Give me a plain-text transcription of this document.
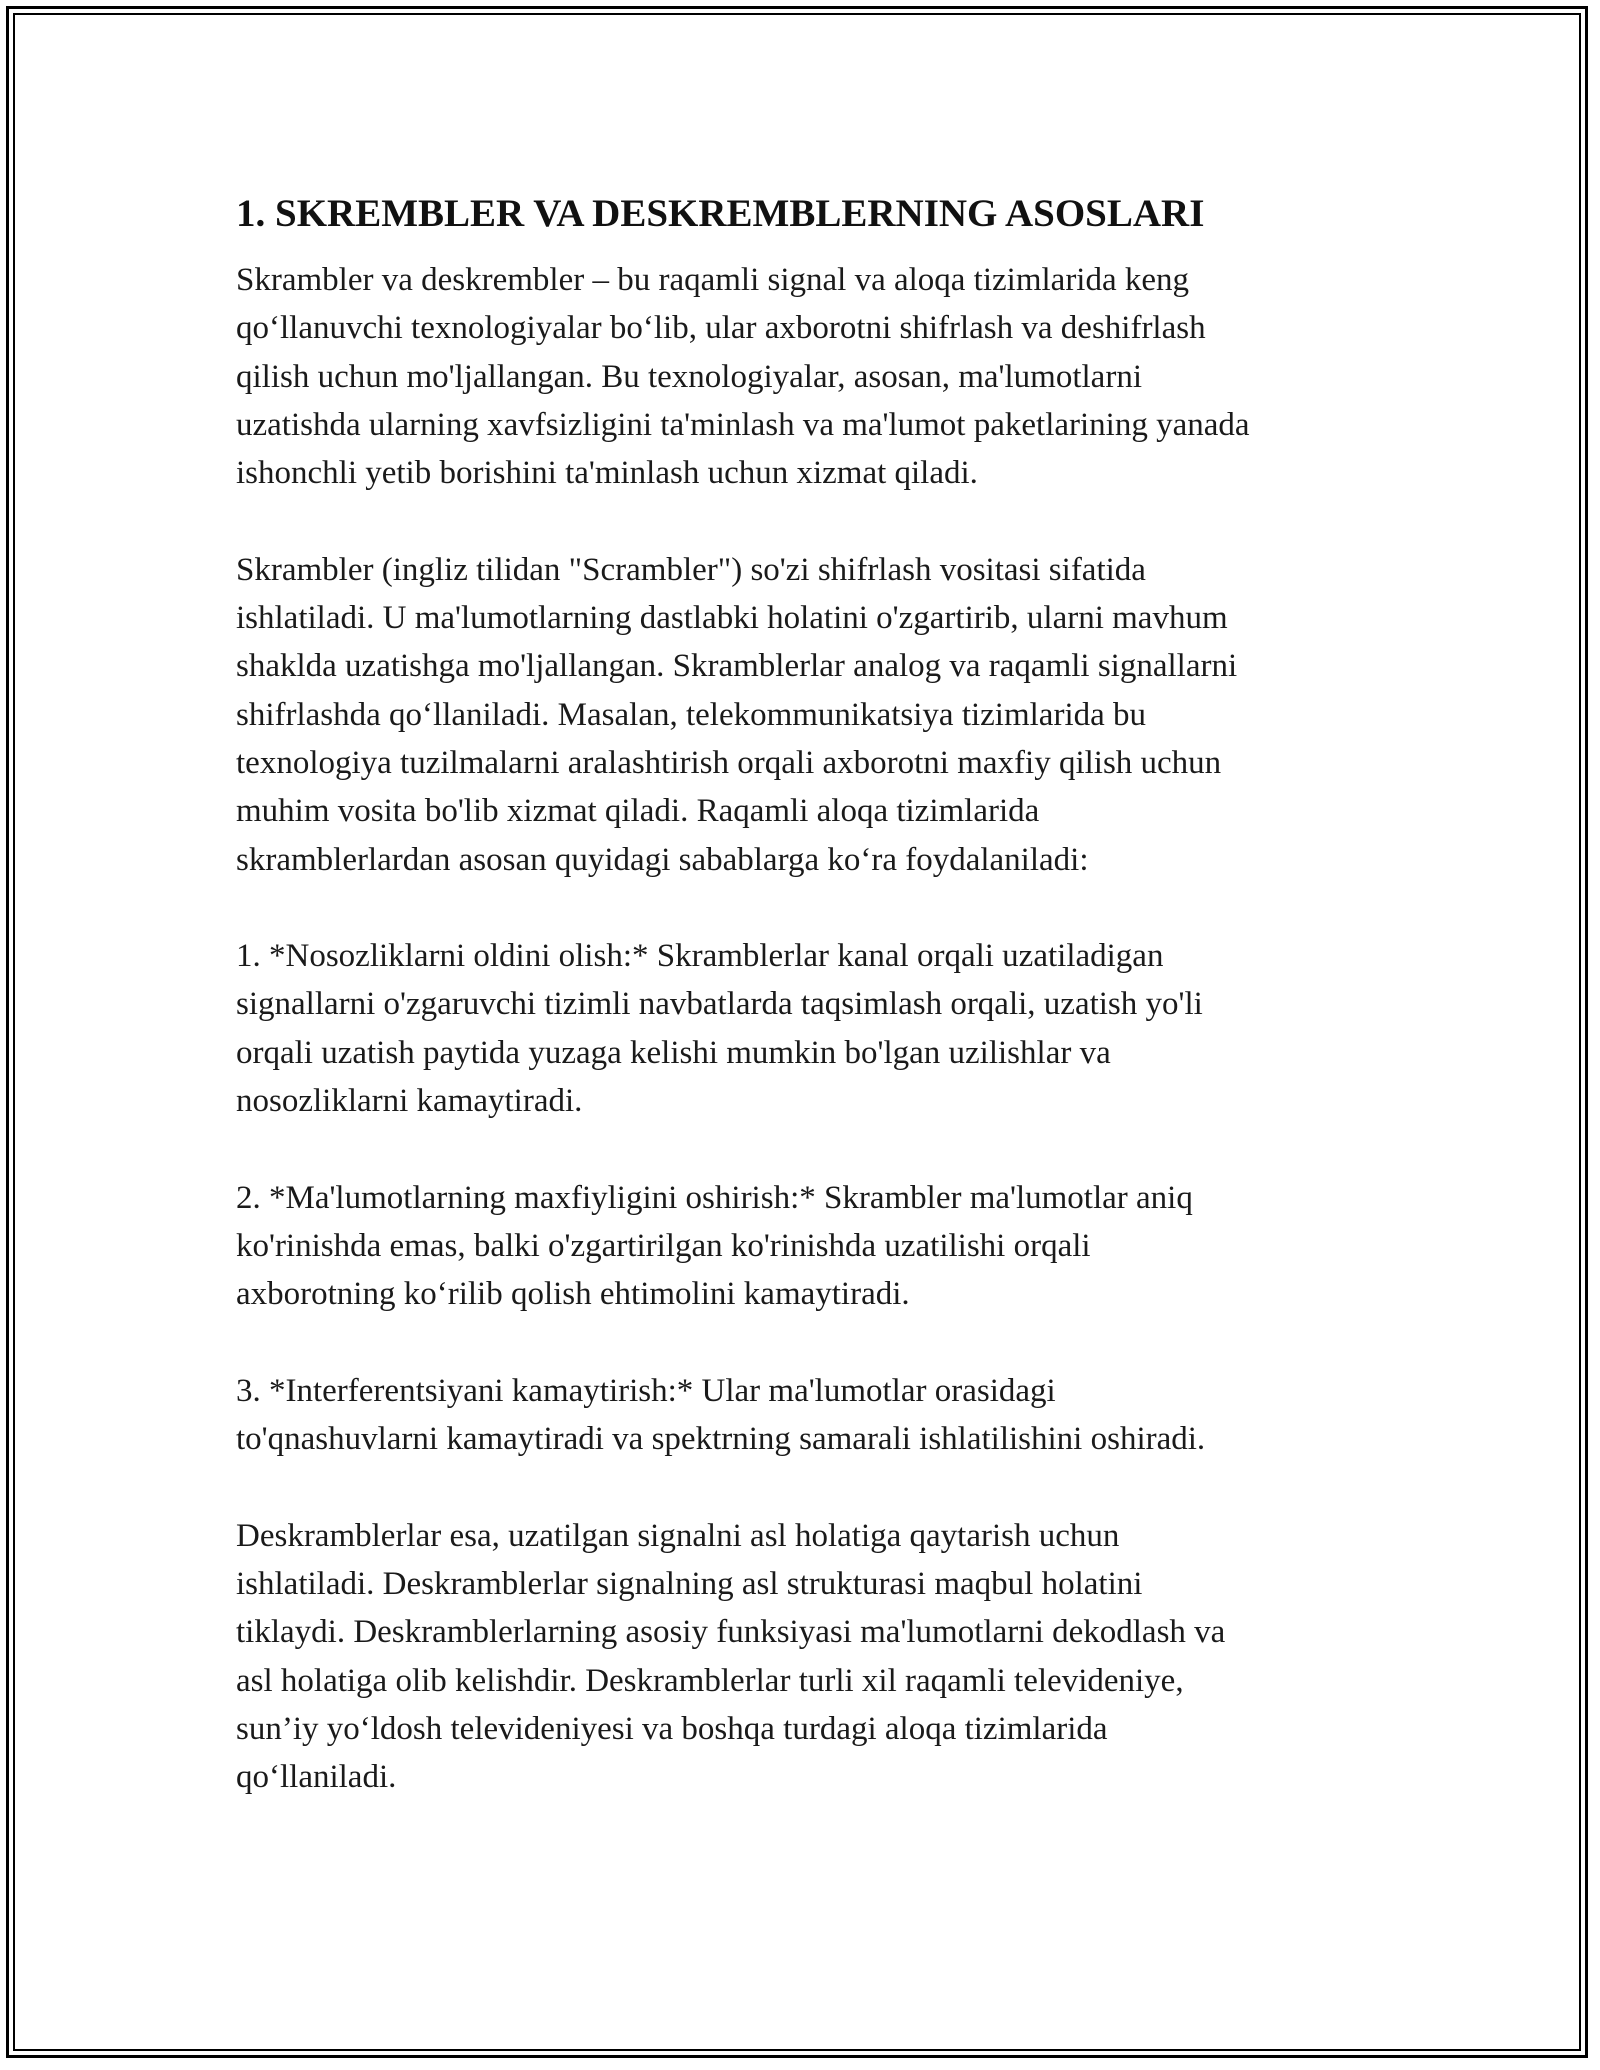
1. SKREMBLER VA DESKREMBLERNING ASOSLARI
Skrambler va deskrembler – bu raqamli signal va aloqa tizimlarida keng
qo‘llanuvchi texnologiyalar bo‘lib, ular axborotni shifrlash va deshifrlash
qilish uchun mo'ljallangan. Bu texnologiyalar, asosan, ma'lumotlarni
uzatishda ularning xavfsizligini ta'minlash va ma'lumot paketlarining yanada
ishonchli yetib borishini ta'minlash uchun xizmat qiladi.
Skrambler (ingliz tilidan "Scrambler") so'zi shifrlash vositasi sifatida
ishlatiladi. U ma'lumotlarning dastlabki holatini o'zgartirib, ularni mavhum
shaklda uzatishga mo'ljallangan. Skramblerlar analog va raqamli signallarni
shifrlashda qo‘llaniladi. Masalan, telekommunikatsiya tizimlarida bu
texnologiya tuzilmalarni aralashtirish orqali axborotni maxfiy qilish uchun
muhim vosita bo'lib xizmat qiladi. Raqamli aloqa tizimlarida
skramblerlardan asosan quyidagi sabablarga ko‘ra foydalaniladi:
1. *Nosozliklarni oldini olish:* Skramblerlar kanal orqali uzatiladigan
signallarni o'zgaruvchi tizimli navbatlarda taqsimlash orqali, uzatish yo'li
orqali uzatish paytida yuzaga kelishi mumkin bo'lgan uzilishlar va
nosozliklarni kamaytiradi.
2. *Ma'lumotlarning maxfiyligini oshirish:* Skrambler ma'lumotlar aniq
ko'rinishda emas, balki o'zgartirilgan ko'rinishda uzatilishi orqali
axborotning ko‘rilib qolish ehtimolini kamaytiradi.
3. *Interferentsiyani kamaytirish:* Ular ma'lumotlar orasidagi
to'qnashuvlarni kamaytiradi va spektrning samarali ishlatilishini oshiradi.
Deskramblerlar esa, uzatilgan signalni asl holatiga qaytarish uchun
ishlatiladi. Deskramblerlar signalning asl strukturasi maqbul holatini
tiklaydi. Deskramblerlarning asosiy funksiyasi ma'lumotlarni dekodlash va
asl holatiga olib kelishdir. Deskramblerlar turli xil raqamli televideniye,
sun’iy yo‘ldosh televideniyesi va boshqa turdagi aloqa tizimlarida
qo‘llaniladi.
